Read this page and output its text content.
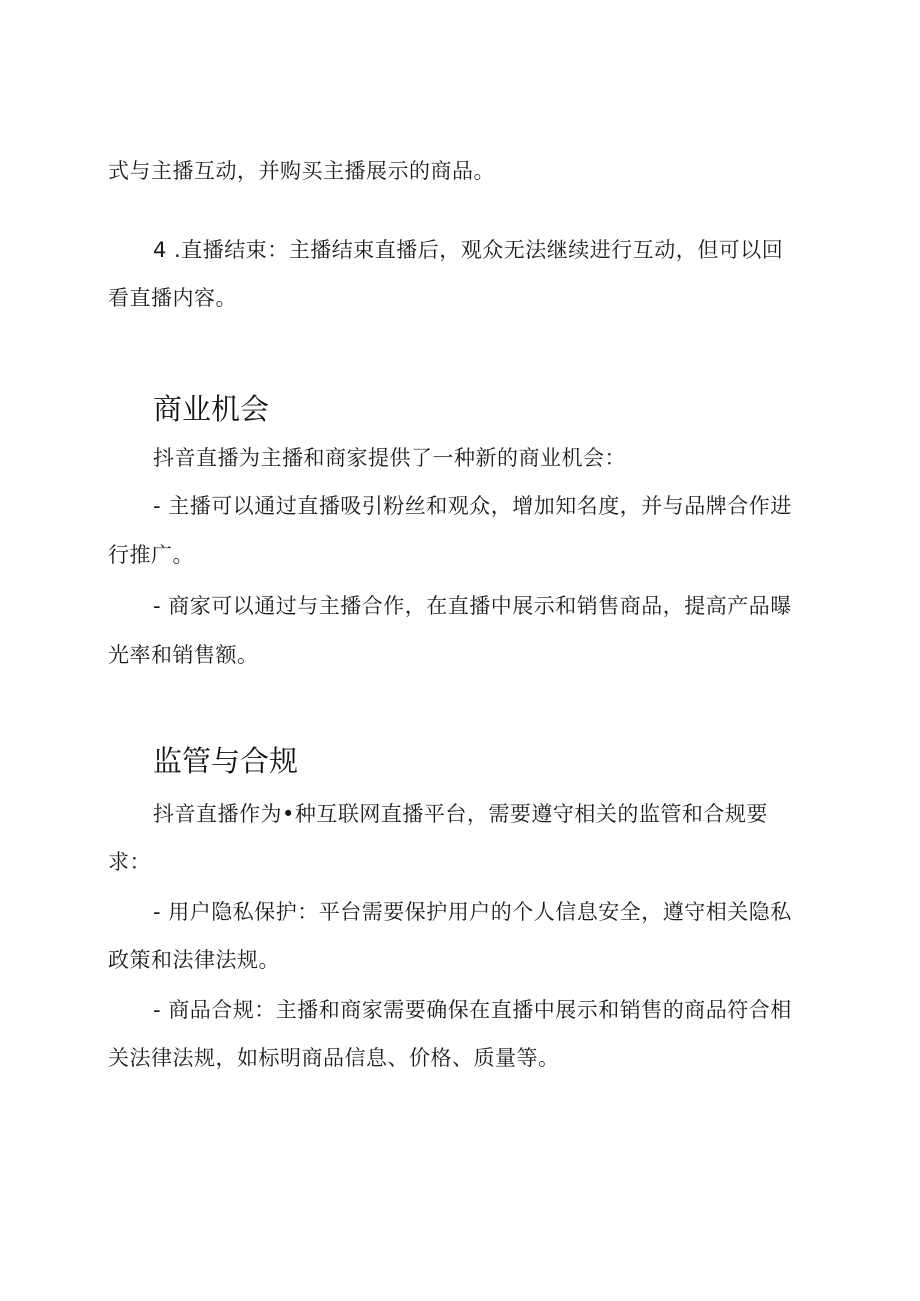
式与主播互动，并购买主播展示的商品。
4 .直播结束：主播结束直播后，观众无法继续进行互动，但可以回
看直播内容。
商业机会
抖音直播为主播和商家提供了一种新的商业机会：
- 主播可以通过直播吸引粉丝和观众，增加知名度，并与品牌合作进
行推广。
- 商家可以通过与主播合作，在直播中展示和销售商品，提高产品曝
光率和销售额。
监管与合规
抖音直播作为•种互联网直播平台，需要遵守相关的监管和合规要
求：
- 用户隐私保护：平台需要保护用户的个人信息安全，遵守相关隐私
政策和法律法规。
- 商品合规：主播和商家需要确保在直播中展示和销售的商品符合相
关法律法规，如标明商品信息、价格、质量等。
